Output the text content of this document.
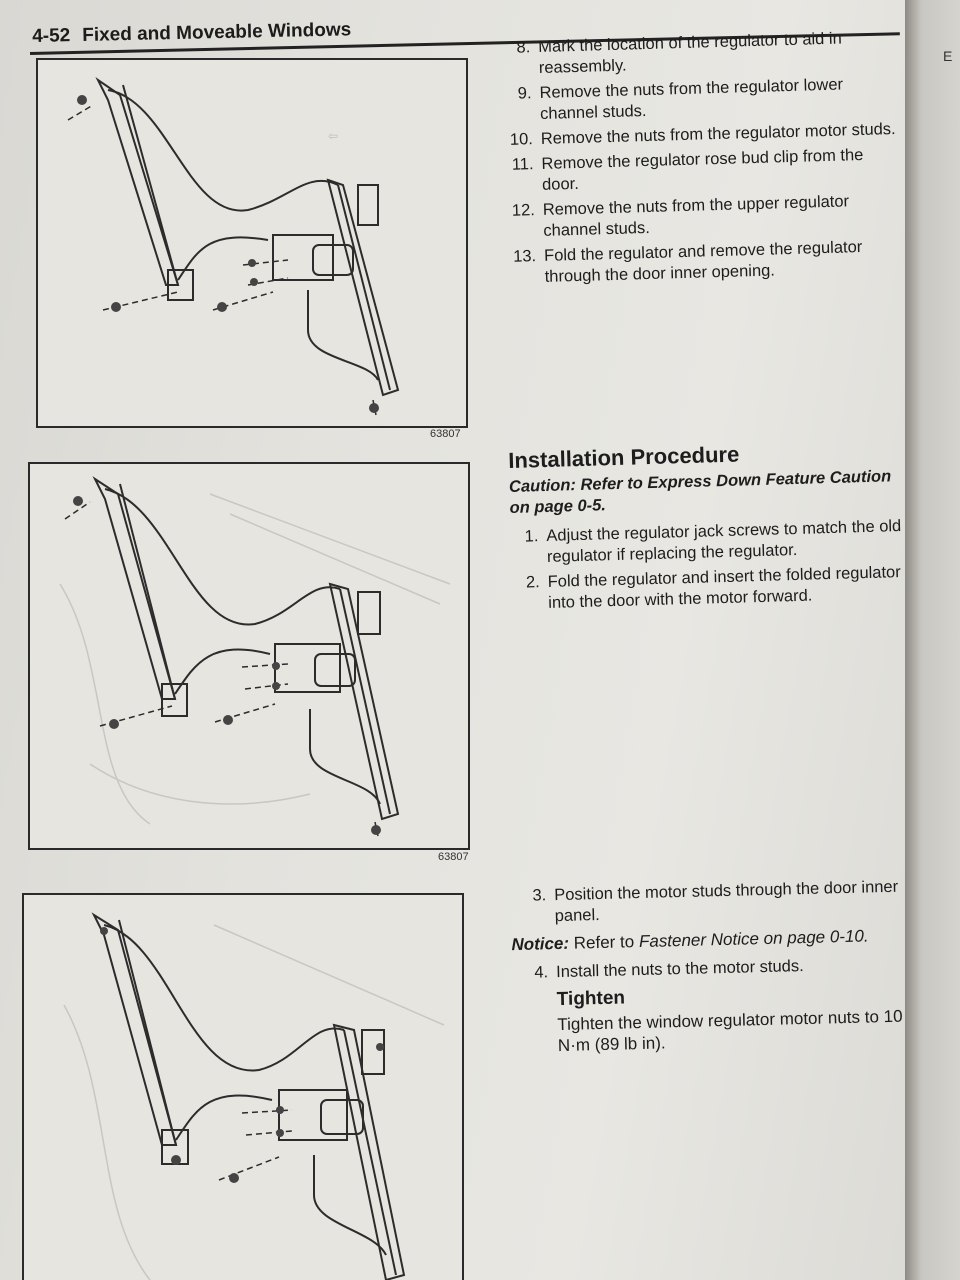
4-52 Fixed and Moveable Windows
⇦
63807
63807
8. Mark the location of the regulator to aid in reassembly.
9. Remove the nuts from the regulator lower channel studs.
10. Remove the nuts from the regulator motor studs.
11. Remove the regulator rose bud clip from the door.
12. Remove the nuts from the upper regulator channel studs.
13. Fold the regulator and remove the regulator through the door inner opening.
Installation Procedure
Caution: Refer to Express Down Feature Caution on page 0-5.
1. Adjust the regulator jack screws to match the old regulator if replacing the regulator.
2. Fold the regulator and insert the folded regulator into the door with the motor forward.
3. Position the motor studs through the door inner panel.
Notice: Refer to Fastener Notice on page 0-10.
4. Install the nuts to the motor studs.
Tighten
Tighten the window regulator motor nuts to 10 N·m (89 lb in).
E
